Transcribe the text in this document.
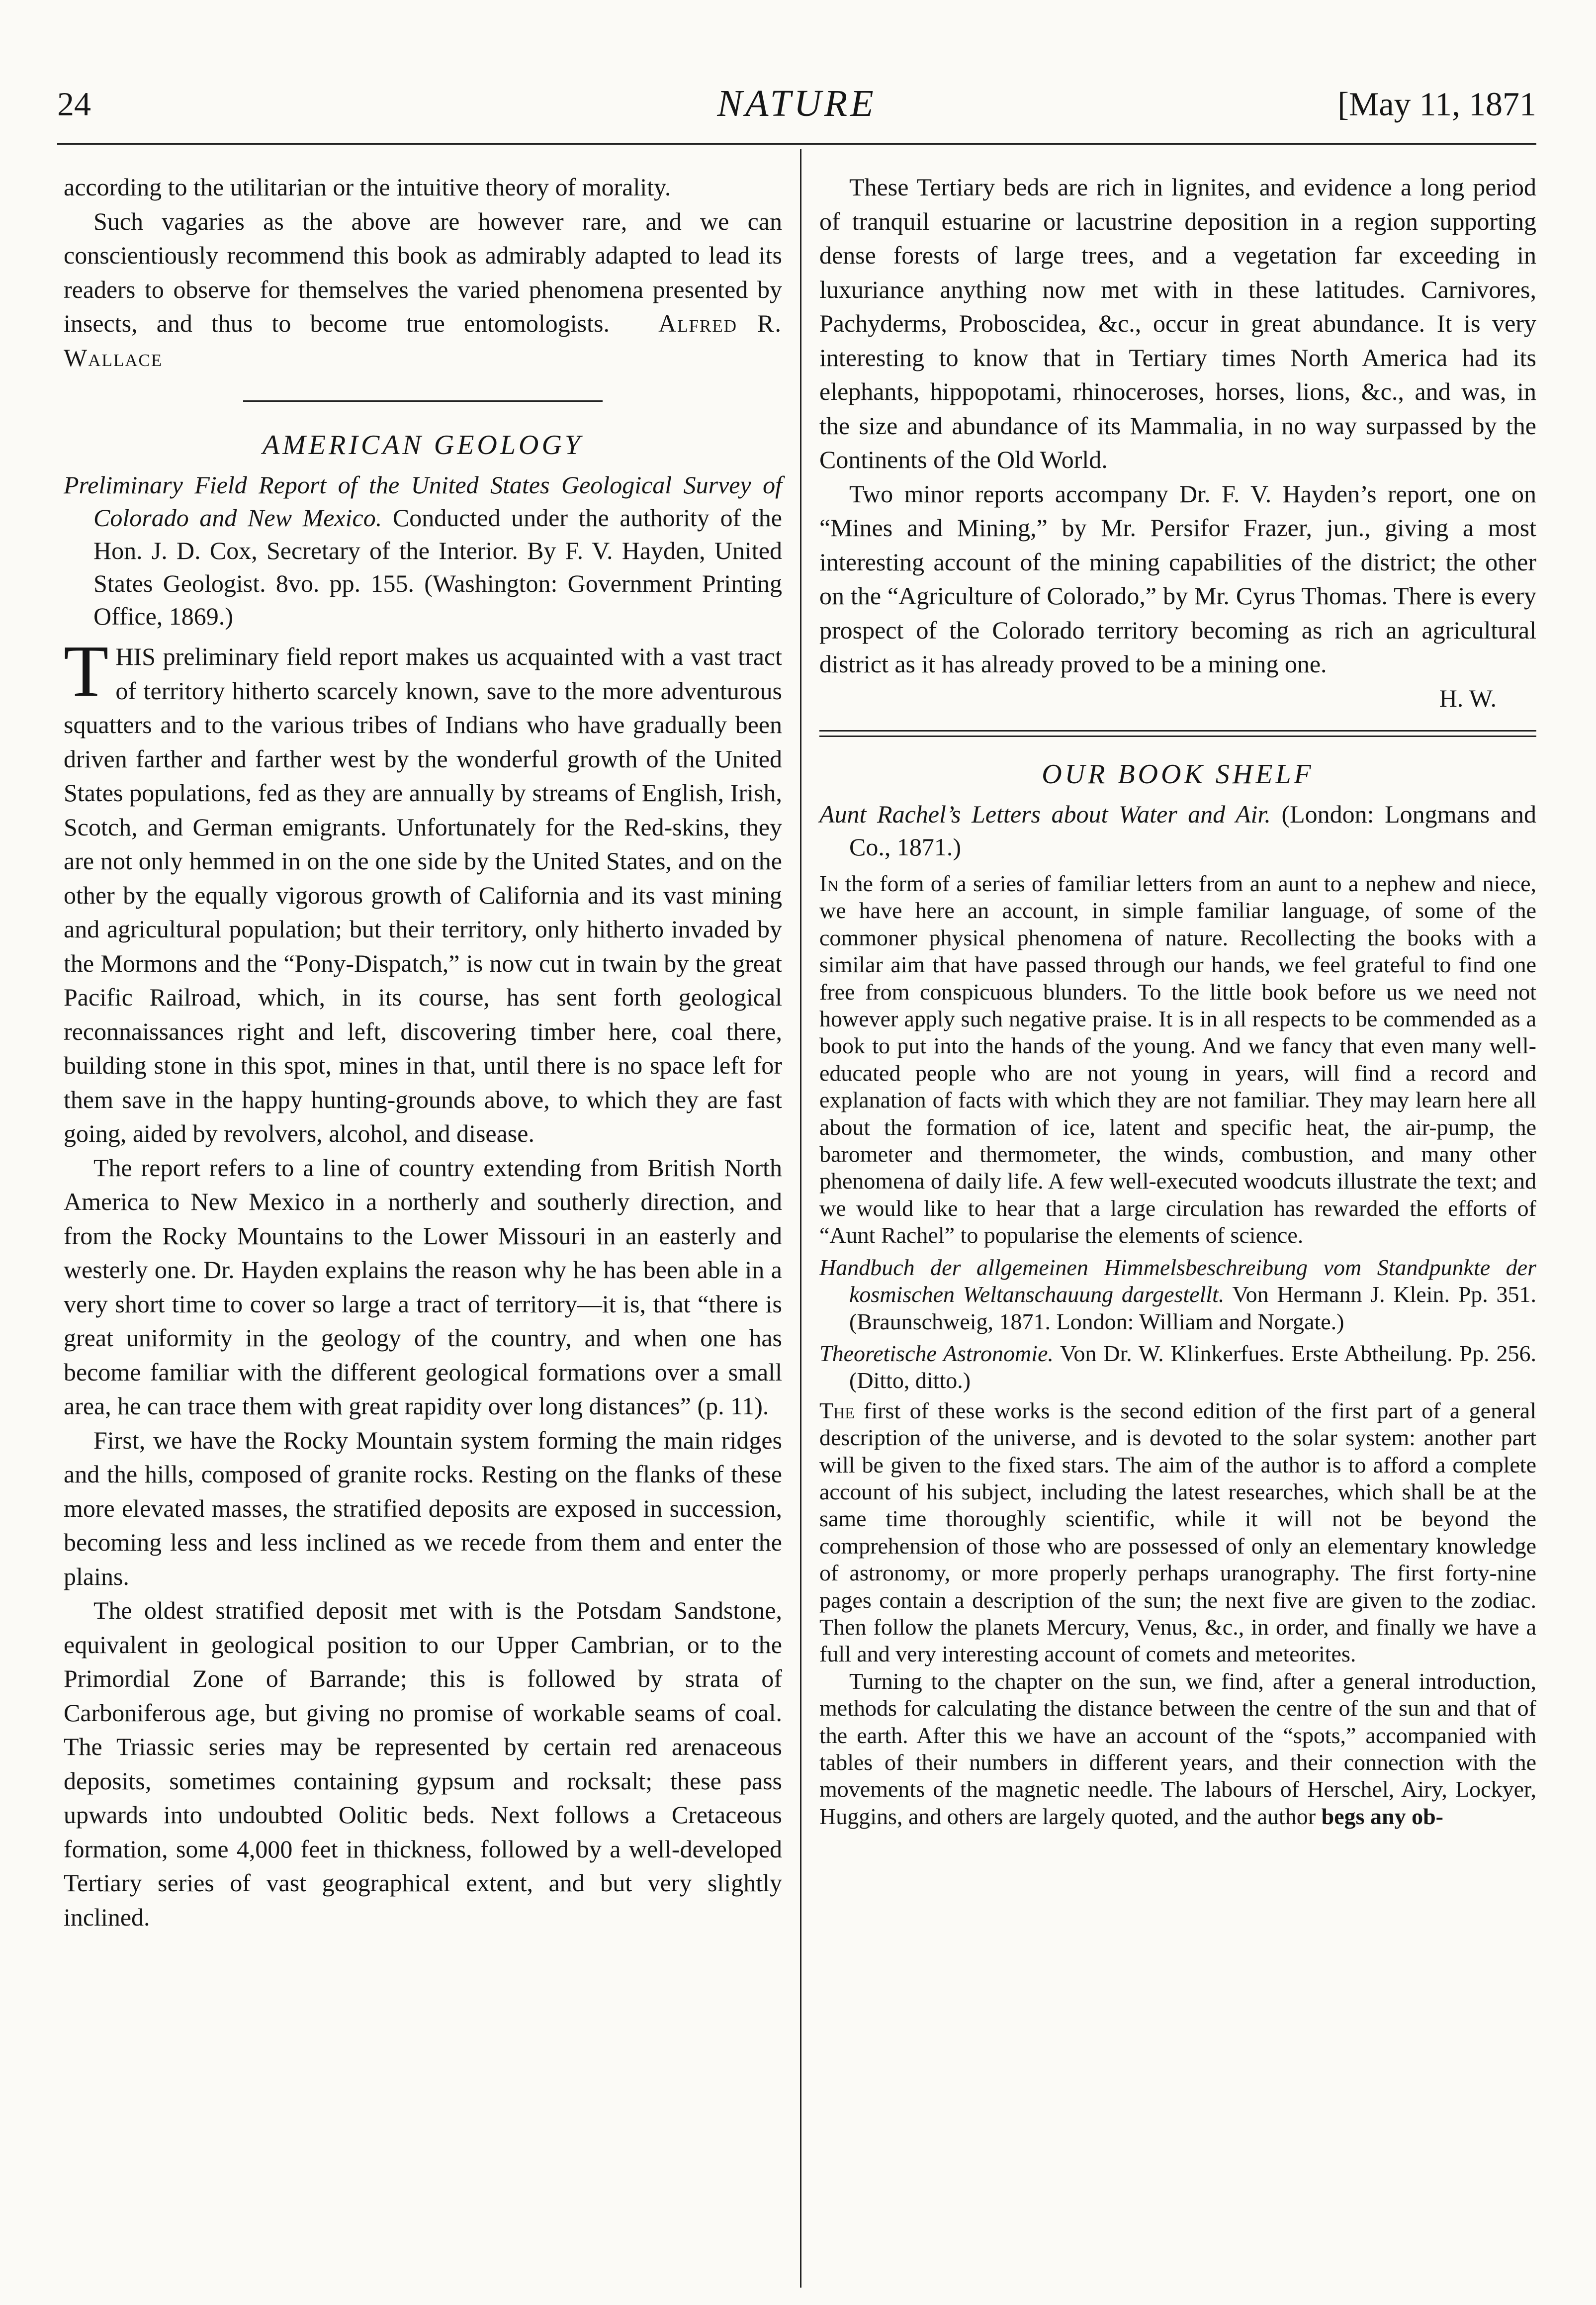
24	NATURE	[May 11, 1871

according to the utilitarian or the intuitive theory of morality.

Such vagaries as the above are however rare, and we can conscientiously recommend this book as admirably adapted to lead its readers to observe for themselves the varied phenomena presented by insects, and thus to become true entomologists. Alfred R. Wallace

AMERICAN GEOLOGY
Preliminary Field Report of the United States Geological Survey of Colorado and New Mexico. Conducted under the authority of the Hon. J. D. Cox, Secretary of the Interior. By F. V. Hayden, United States Geologist. 8vo. pp. 155. (Washington: Government Printing Office, 1869.)
T HIS preliminary field report makes us acquainted with a vast tract of territory hitherto scarcely known, save to the more adventurous squatters and to the various tribes of Indians who have gradually been driven farther and farther west by the wonderful growth of the United States populations, fed as they are annually by streams of English, Irish, Scotch, and German emigrants. Unfortunately for the Red-skins, they are not only hemmed in on the one side by the United States, and on the other by the equally vigorous growth of California and its vast mining and agricultural population; but their territory, only hitherto invaded by the Mormons and the “Pony-Dispatch,” is now cut in twain by the great Pacific Railroad, which, in its course, has sent forth geological reconnaissances right and left, discovering timber here, coal there, building stone in this spot, mines in that, until there is no space left for them save in the happy hunting-grounds above, to which they are fast going, aided by revolvers, alcohol, and disease.

The report refers to a line of country extending from British North America to New Mexico in a northerly and southerly direction, and from the Rocky Mountains to the Lower Missouri in an easterly and westerly one. Dr. Hayden explains the reason why he has been able in a very short time to cover so large a tract of territory—it is, that “there is great uniformity in the geology of the country, and when one has become familiar with the different geological formations over a small area, he can trace them with great rapidity over long distances” (p. 11).

First, we have the Rocky Mountain system forming the main ridges and the hills, composed of granite rocks. Resting on the flanks of these more elevated masses, the stratified deposits are exposed in succession, becoming less and less inclined as we recede from them and enter the plains.

The oldest stratified deposit met with is the Potsdam Sandstone, equivalent in geological position to our Upper Cambrian, or to the Primordial Zone of Barrande; this is followed by strata of Carboniferous age, but giving no promise of workable seams of coal. The Triassic series may be represented by certain red arenaceous deposits, sometimes containing gypsum and rocksalt; these pass upwards into undoubted Oolitic beds. Next follows a Cretaceous formation, some 4,000 feet in thickness, followed by a well-developed Tertiary series of vast geographical extent, and but very slightly inclined.

These Tertiary beds are rich in lignites, and evidence a long period of tranquil estuarine or lacustrine deposition in a region supporting dense forests of large trees, and a vegetation far exceeding in luxuriance anything now met with in these latitudes. Carnivores, Pachyderms, Proboscidea, &c., occur in great abundance. It is very interesting to know that in Tertiary times North America had its elephants, hippopotami, rhinoceroses, horses, lions, &c., and was, in the size and abundance of its Mammalia, in no way surpassed by the Continents of the Old World.

Two minor reports accompany Dr. F. V. Hayden’s report, one on “Mines and Mining,” by Mr. Persifor Frazer, jun., giving a most interesting account of the mining capabilities of the district; the other on the “Agriculture of Colorado,” by Mr. Cyrus Thomas. There is every prospect of the Colorado territory becoming as rich an agricultural district as it has already proved to be a mining one.

H. W.

OUR BOOK SHELF
Aunt Rachel’s Letters about Water and Air. (London: Longmans and Co., 1871.)

In the form of a series of familiar letters from an aunt to a nephew and niece, we have here an account, in simple familiar language, of some of the commoner physical phenomena of nature. Recollecting the books with a similar aim that have passed through our hands, we feel grateful to find one free from conspicuous blunders. To the little book before us we need not however apply such negative praise. It is in all respects to be commended as a book to put into the hands of the young. And we fancy that even many well-educated people who are not young in years, will find a record and explanation of facts with which they are not familiar. They may learn here all about the formation of ice, latent and specific heat, the air-pump, the barometer and thermometer, the winds, combustion, and many other phenomena of daily life. A few well-executed woodcuts illustrate the text; and we would like to hear that a large circulation has rewarded the efforts of “Aunt Rachel” to popularise the elements of science.

Handbuch der allgemeinen Himmelsbeschreibung vom Standpunkte der kosmischen Weltanschauung dargestellt. Von Hermann J. Klein. Pp. 351. (Braunschweig, 1871. London: William and Norgate.)
Theoretische Astronomie. Von Dr. W. Klinkerfues. Erste Abtheilung. Pp. 256. (Ditto, ditto.)

The first of these works is the second edition of the first part of a general description of the universe, and is devoted to the solar system: another part will be given to the fixed stars. The aim of the author is to afford a complete account of his subject, including the latest researches, which shall be at the same time thoroughly scientific, while it will not be beyond the comprehension of those who are possessed of only an elementary knowledge of astronomy, or more properly perhaps uranography. The first forty-nine pages contain a description of the sun; the next five are given to the zodiac. Then follow the planets Mercury, Venus, &c., in order, and finally we have a full and very interesting account of comets and meteorites.

Turning to the chapter on the sun, we find, after a general introduction, methods for calculating the distance between the centre of the sun and that of the earth. After this we have an account of the “spots,” accompanied with tables of their numbers in different years, and their connection with the movements of the magnetic needle. The labours of Herschel, Airy, Lockyer, Huggins, and others are largely quoted, and the author begs any ob-
